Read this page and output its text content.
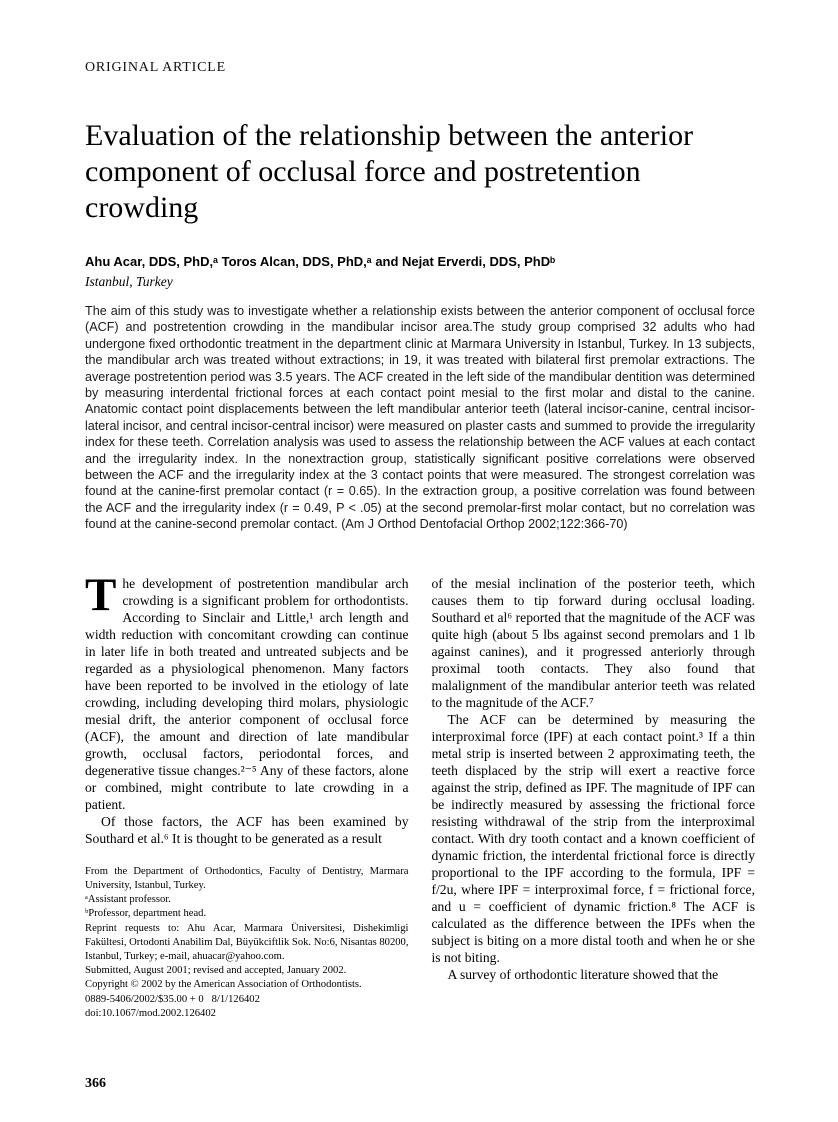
ORIGINAL ARTICLE
Evaluation of the relationship between the anterior component of occlusal force and postretention crowding
Ahu Acar, DDS, PhD,ᵃ Toros Alcan, DDS, PhD,ᵃ and Nejat Erverdi, DDS, PhDᵇ
Istanbul, Turkey

The aim of this study was to investigate whether a relationship exists between the anterior component of occlusal force (ACF) and postretention crowding in the mandibular incisor area.The study group comprised 32 adults who had undergone fixed orthodontic treatment in the department clinic at Marmara University in Istanbul, Turkey. In 13 subjects, the mandibular arch was treated without extractions; in 19, it was treated with bilateral first premolar extractions. The average postretention period was 3.5 years. The ACF created in the left side of the mandibular dentition was determined by measuring interdental frictional forces at each contact point mesial to the first molar and distal to the canine. Anatomic contact point displacements between the left mandibular anterior teeth (lateral incisor-canine, central incisor-lateral incisor, and central incisor-central incisor) were measured on plaster casts and summed to provide the irregularity index for these teeth. Correlation analysis was used to assess the relationship between the ACF values at each contact and the irregularity index. In the nonextraction group, statistically significant positive correlations were observed between the ACF and the irregularity index at the 3 contact points that were measured. The strongest correlation was found at the canine-first premolar contact (r = 0.65). In the extraction group, a positive correlation was found between the ACF and the irregularity index (r = 0.49, P < .05) at the second premolar-first molar contact, but no correlation was found at the canine-second premolar contact. (Am J Orthod Dentofacial Orthop 2002;122:366-70)

The development of postretention mandibular arch crowding is a significant problem for orthodontists. According to Sinclair and Little,¹ arch length and width reduction with concomitant crowding can continue in later life in both treated and untreated subjects and be regarded as a physiological phenomenon. Many factors have been reported to be involved in the etiology of late crowding, including developing third molars, physiologic mesial drift, the anterior component of occlusal force (ACF), the amount and direction of late mandibular growth, occlusal factors, periodontal forces, and degenerative tissue changes.²⁻⁵ Any of these factors, alone or combined, might contribute to late crowding in a patient.

Of those factors, the ACF has been examined by Southard et al.⁶ It is thought to be generated as a result

From the Department of Orthodontics, Faculty of Dentistry, Marmara University, Istanbul, Turkey.

ᵃAssistant professor.

ᵇProfessor, department head.

Reprint requests to: Ahu Acar, Marmara Üniversitesi, Dishekimligi Fakültesi, Ortodonti Anabilim Dal, Büyükciftlik Sok. No:6, Nisantas 80200, Istanbul, Turkey; e-mail, ahuacar@yahoo.com.

Submitted, August 2001; revised and accepted, January 2002.

Copyright © 2002 by the American Association of Orthodontists.

0889-5406/2002/$35.00 + 0   8/1/126402

doi:10.1067/mod.2002.126402

of the mesial inclination of the posterior teeth, which causes them to tip forward during occlusal loading. Southard et al⁶ reported that the magnitude of the ACF was quite high (about 5 lbs against second premolars and 1 lb against canines), and it progressed anteriorly through proximal tooth contacts. They also found that malalignment of the mandibular anterior teeth was related to the magnitude of the ACF.⁷

The ACF can be determined by measuring the interproximal force (IPF) at each contact point.³ If a thin metal strip is inserted between 2 approximating teeth, the teeth displaced by the strip will exert a reactive force against the strip, defined as IPF. The magnitude of IPF can be indirectly measured by assessing the frictional force resisting withdrawal of the strip from the interproximal contact. With dry tooth contact and a known coefficient of dynamic friction, the interdental frictional force is directly proportional to the IPF according to the formula, IPF = f/2u, where IPF = interproximal force, f = frictional force, and u = coefficient of dynamic friction.⁸ The ACF is calculated as the difference between the IPFs when the subject is biting on a more distal tooth and when he or she is not biting.

A survey of orthodontic literature showed that the

366
